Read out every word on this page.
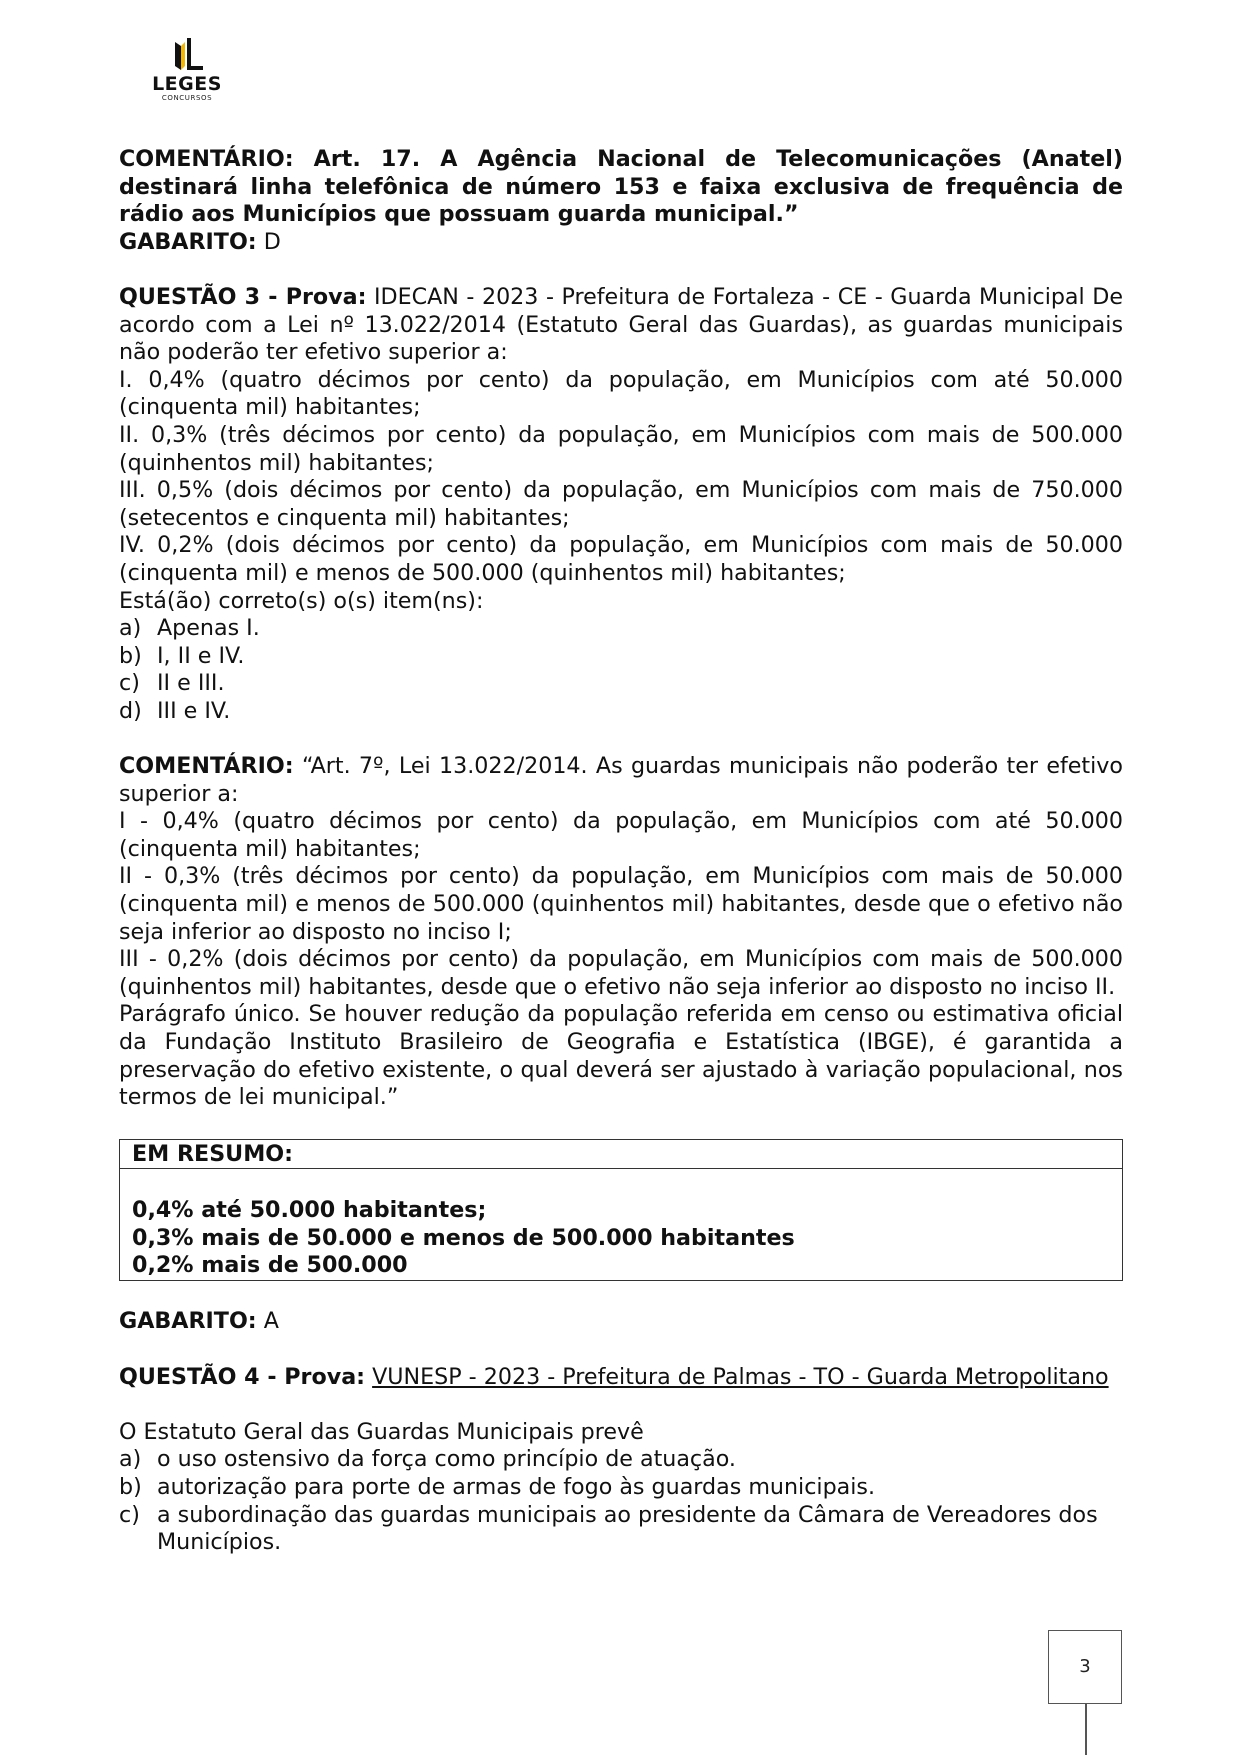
LEGES
CONCURSOS

COMENTÁRIO: Art. 17. A Agência Nacional de Telecomunicações (Anatel) destinará linha telefônica de número 153 e faixa exclusiva de frequência de rádio aos Municípios que possuam guarda municipal.”

GABARITO: D

QUESTÃO 3 - Prova: IDECAN - 2023 - Prefeitura de Fortaleza - CE - Guarda Municipal De acordo com a Lei nº 13.022/2014 (Estatuto Geral das Guardas), as guardas municipais não poderão ter efetivo superior a:

I. 0,4% (quatro décimos por cento) da população, em Municípios com até 50.000 (cinquenta mil) habitantes;

II. 0,3% (três décimos por cento) da população, em Municípios com mais de 500.000 (quinhentos mil) habitantes;

III. 0,5% (dois décimos por cento) da população, em Municípios com mais de 750.000 (setecentos e cinquenta mil) habitantes;

IV. 0,2% (dois décimos por cento) da população, em Municípios com mais de 50.000 (cinquenta mil) e menos de 500.000 (quinhentos mil) habitantes;

Está(ão) correto(s) o(s) item(ns):

a) Apenas I.
b) I, II e IV.
c) II e III.
d) III e IV.

COMENTÁRIO: “Art. 7º, Lei 13.022/2014. As guardas municipais não poderão ter efetivo superior a:

I - 0,4% (quatro décimos por cento) da população, em Municípios com até 50.000 (cinquenta mil) habitantes;

II - 0,3% (três décimos por cento) da população, em Municípios com mais de 50.000 (cinquenta mil) e menos de 500.000 (quinhentos mil) habitantes, desde que o efetivo não seja inferior ao disposto no inciso I;

III - 0,2% (dois décimos por cento) da população, em Municípios com mais de 500.000 (quinhentos mil) habitantes, desde que o efetivo não seja inferior ao disposto no inciso II.

Parágrafo único. Se houver redução da população referida em censo ou estimativa oficial da Fundação Instituto Brasileiro de Geografia e Estatística (IBGE), é garantida a preservação do efetivo existente, o qual deverá ser ajustado à variação populacional, nos termos de lei municipal.”

EM RESUMO:
0,4% até 50.000 habitantes;
0,3% mais de 50.000 e menos de 500.000 habitantes
0,2% mais de 500.000

GABARITO: A

QUESTÃO 4 - Prova: VUNESP - 2023 - Prefeitura de Palmas - TO - Guarda Metropolitano

O Estatuto Geral das Guardas Municipais prevê

a) o uso ostensivo da força como princípio de atuação.
b) autorização para porte de armas de fogo às guardas municipais.
c) a subordinação das guardas municipais ao presidente da Câmara de Vereadores dos Municípios.
3
